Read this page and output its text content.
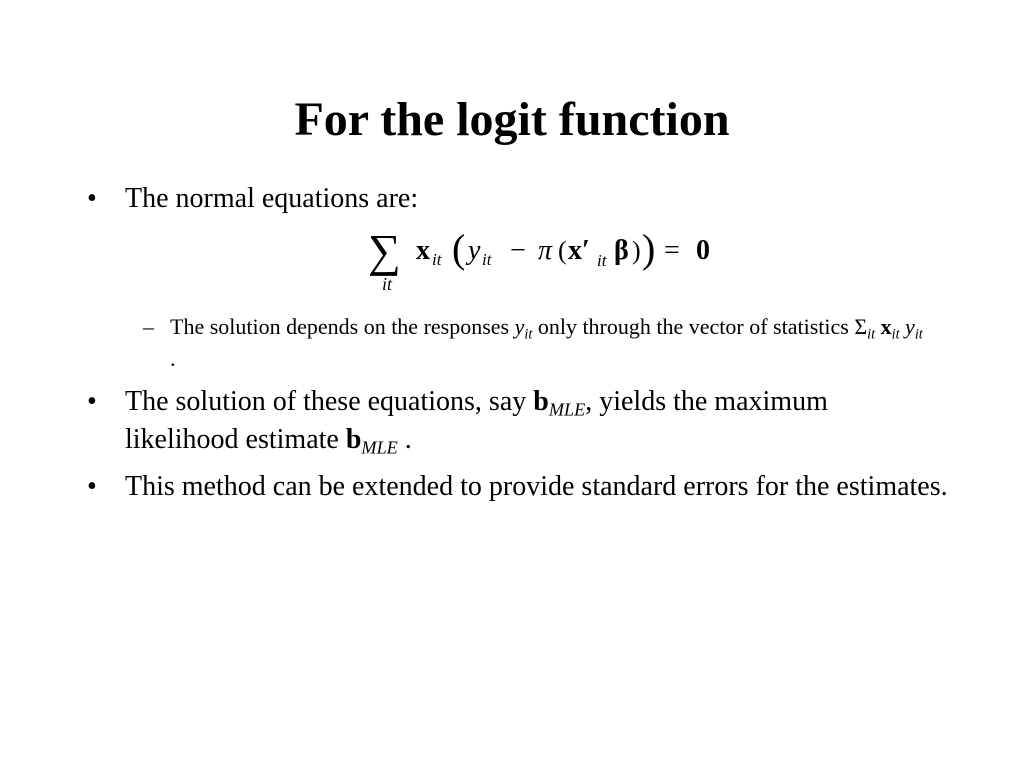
For the logit function
• The normal equations are:
∑
it
x it ( y it − π ( x′ it β ) ) = 0
– The solution depends on the responses $y_{it}$ only through the vector of statistics $\Sigma_{it}$ $x_{it}$ $y_{it}$ .
• The solution of these equations, say $b_{MLE}$, yields the maximum likelihood estimate $b_{MLE}$ .
• This method can be extended to provide standard errors for the estimates.
